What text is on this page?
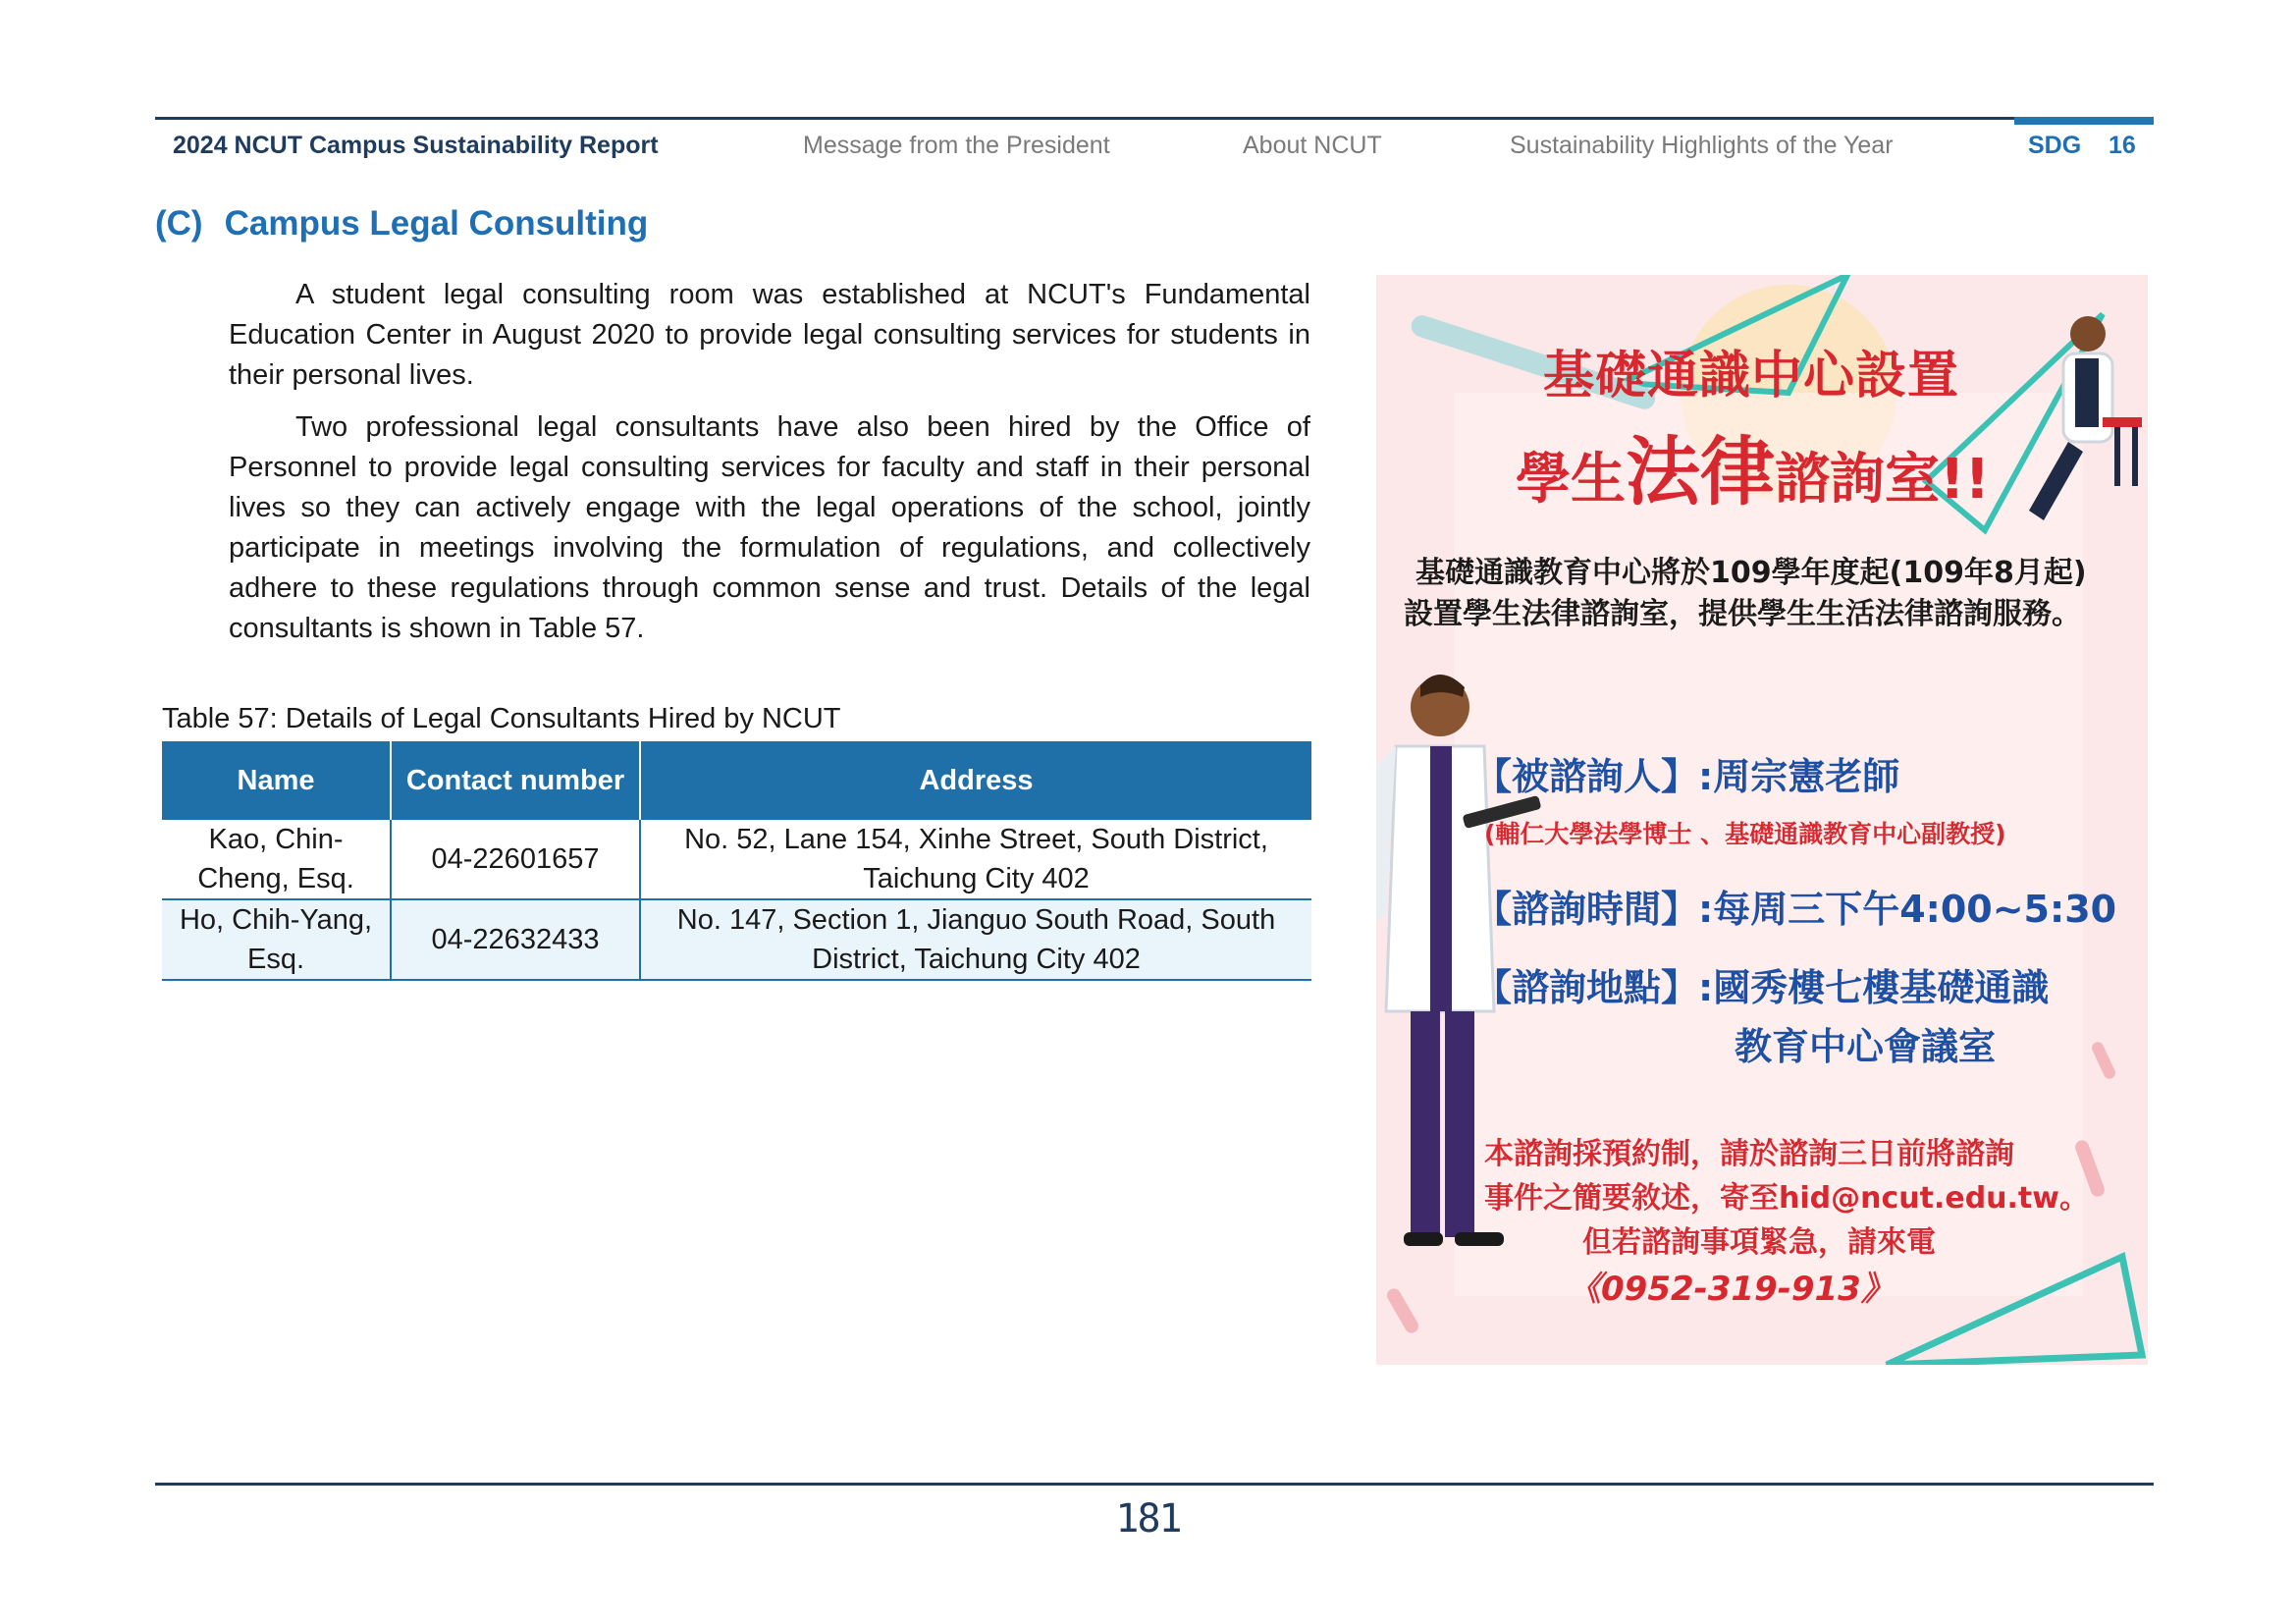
2024 NCUT Campus Sustainability Report	Message from the President	About NCUT	Sustainability Highlights of the Year	SDG 16
(C) Campus Legal Consulting

A student legal consulting room was established at NCUT's Fundamental Education Center in August 2020 to provide legal consulting services for students in their personal lives.

Two professional legal consultants have also been hired by the Office of Personnel to provide legal consulting services for faculty and staff in their personal lives so they can actively engage with the legal operations of the school, jointly participate in meetings involving the formulation of regulations, and collectively adhere to these regulations through common sense and trust. Details of the legal consultants is shown in Table 57.

Table 57: Details of Legal Consultants Hired by NCUT
Name	Contact number	Address
Kao, Chin-Cheng, Esq.	04-22601657	No. 52, Lane 154, Xinhe Street, South District, Taichung City 402
Ho, Chih-Yang, Esq.	04-22632433	No. 147, Section 1, Jianguo South Road, South District, Taichung City 402
基礎通識中心設置
學生法律諮詢室!!
基礎通識教育中心將於109學年度起(109年8月起)
設置學生法律諮詢室，提供學生生活法律諮詢服務。
【被諮詢人】:周宗憲老師
(輔仁大學法學博士 、基礎通識教育中心副教授)
【諮詢時間】:每周三下午4:00~5:30
【諮詢地點】:國秀樓七樓基礎通識
教育中心會議室
本諮詢採預約制，請於諮詢三日前將諮詢
事件之簡要敘述，寄至hid@ncut.edu.tw。
但若諮詢事項緊急，請來電
《0952-319-913》
181
